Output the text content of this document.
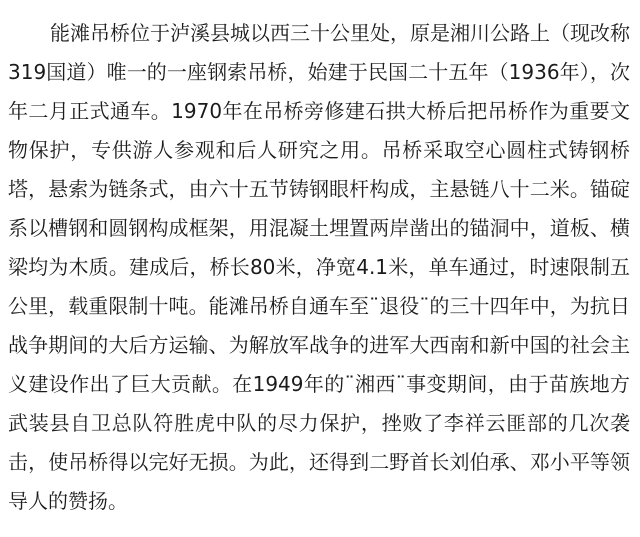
能滩吊桥位于泸溪县城以西三十公里处，原是湘川公路上（现改称319国道）唯一的一座钢索吊桥，始建于民国二十五年（1936年），次年二月正式通车。1970年在吊桥旁修建石拱大桥后把吊桥作为重要文物保护，专供游人参观和后人研究之用。吊桥采取空心圆柱式铸钢桥塔，悬索为链条式，由六十五节铸钢眼杆构成，主悬链八十二米。锚碇系以槽钢和圆钢构成框架，用混凝土埋置两岸凿出的锚洞中，道板、横梁均为木质。建成后，桥长80米，净宽4.1米，单车通过，时速限制五公里，载重限制十吨。能滩吊桥自通车至¨退役¨的三十四年中，为抗日战争期间的大后方运输、为解放军战争的进军大西南和新中国的社会主义建设作出了巨大贡献。在1949年的¨湘西¨事变期间，由于苗族地方武装县自卫总队符胜虎中队的尽力保护，挫败了李祥云匪部的几次袭击，使吊桥得以完好无损。为此，还得到二野首长刘伯承、邓小平等领导人的赞扬。
